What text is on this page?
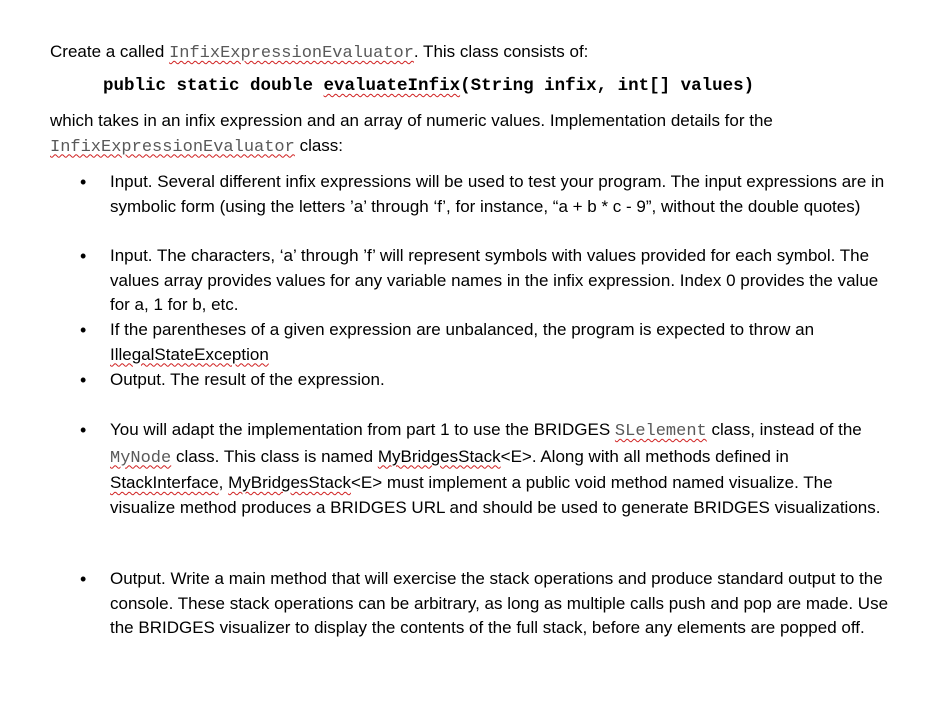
Create a called InfixExpressionEvaluator. This class consists of:

public static double evaluateInfix(String infix, int[] values)

which takes in an infix expression and an array of numeric values. Implementation details for the InfixExpressionEvaluator class:

•
Input. Several different infix expressions will be used to test your program. The input expressions are in symbolic form (using the letters ’a’ through ‘f’, for instance, “a + b * c - 9”, without the double quotes)
•
Input. The characters, ‘a’ through ’f’ will represent symbols with values provided for each symbol. The values array provides values for any variable names in the infix expression. Index 0 provides the value for a, 1 for b, etc.
•
If the parentheses of a given expression are unbalanced, the program is expected to throw an IllegalStateException
•
Output. The result of the expression.
•
You will adapt the implementation from part 1 to use the BRIDGES SLelement class, instead of the MyNode class. This class is named MyBridgesStack<E>. Along with all methods defined in StackInterface, MyBridgesStack<E> must implement a public void method named visualize. The visualize method produces a BRIDGES URL and should be used to generate BRIDGES visualizations.
•
Output. Write a main method that will exercise the stack operations and produce standard output to the console. These stack operations can be arbitrary, as long as multiple calls push and pop are made. Use the BRIDGES visualizer to display the contents of the full stack, before any elements are popped off.
